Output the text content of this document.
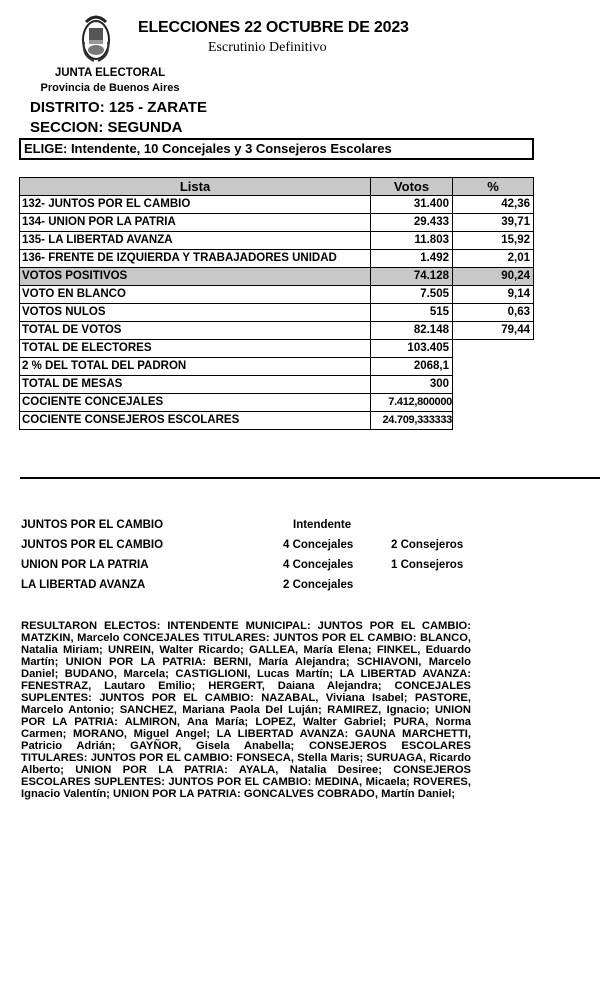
ELECCIONES 22 OCTUBRE DE 2023
Escrutinio Definitivo
JUNTA ELECTORAL
Provincia de Buenos Aires
DISTRITO: 125 - ZARATE
SECCION: SEGUNDA
ELIGE: Intendente, 10 Concejales y 3 Consejeros Escolares
Lista	Votos	%
132- JUNTOS POR EL CAMBIO	31.400	42,36
134- UNION POR LA PATRIA	29.433	39,71
135- LA LIBERTAD AVANZA	11.803	15,92
136- FRENTE DE IZQUIERDA Y TRABAJADORES UNIDAD	1.492	2,01
VOTOS POSITIVOS	74.128	90,24
VOTO EN BLANCO	7.505	9,14
VOTOS NULOS	515	0,63
TOTAL DE VOTOS	82.148	79,44
TOTAL DE ELECTORES	103.405	
2 % DEL TOTAL DEL PADRON	2068,1	
TOTAL DE MESAS	300	
COCIENTE CONCEJALES	7.412,800000	
COCIENTE CONSEJEROS ESCOLARES	24.709,333333	
JUNTOS POR EL CAMBIO	Intendente
JUNTOS POR EL CAMBIO	4 Concejales	2 Consejeros
UNION POR LA PATRIA	4 Concejales	1 Consejeros
LA LIBERTAD AVANZA	2 Concejales
RESULTARON ELECTOS: INTENDENTE MUNICIPAL: JUNTOS POR EL CAMBIO: MATZKIN, Marcelo CONCEJALES TITULARES: JUNTOS POR EL CAMBIO: BLANCO, Natalia Miriam; UNREIN, Walter Ricardo; GALLEA, María Elena; FINKEL, Eduardo Martín; UNION POR LA PATRIA: BERNI, María Alejandra; SCHIAVONI, Marcelo Daniel; BUDANO, Marcela; CASTIGLIONI, Lucas Martín; LA LIBERTAD AVANZA: FENESTRAZ, Lautaro Emilio; HERGERT, Daiana Alejandra; CONCEJALES SUPLENTES: JUNTOS POR EL CAMBIO: NAZABAL, Viviana Isabel; PASTORE, Marcelo Antonio; SANCHEZ, Mariana Paola Del Luján; RAMIREZ, Ignacio; UNION POR LA PATRIA: ALMIRON, Ana María; LOPEZ, Walter Gabriel; PURA, Norma Carmen; MORANO, Miguel Angel; LA LIBERTAD AVANZA: GAUNA MARCHETTI, Patricio Adrián; GAYÑOR, Gisela Anabella; CONSEJEROS ESCOLARES TITULARES: JUNTOS POR EL CAMBIO: FONSECA, Stella Maris; SURUAGA, Ricardo Alberto; UNION POR LA PATRIA: AYALA, Natalia Desiree; CONSEJEROS ESCOLARES SUPLENTES: JUNTOS POR EL CAMBIO: MEDINA, Micaela; ROVERES, Ignacio Valentín; UNION POR LA PATRIA: GONCALVES COBRADO, Martín Daniel;
